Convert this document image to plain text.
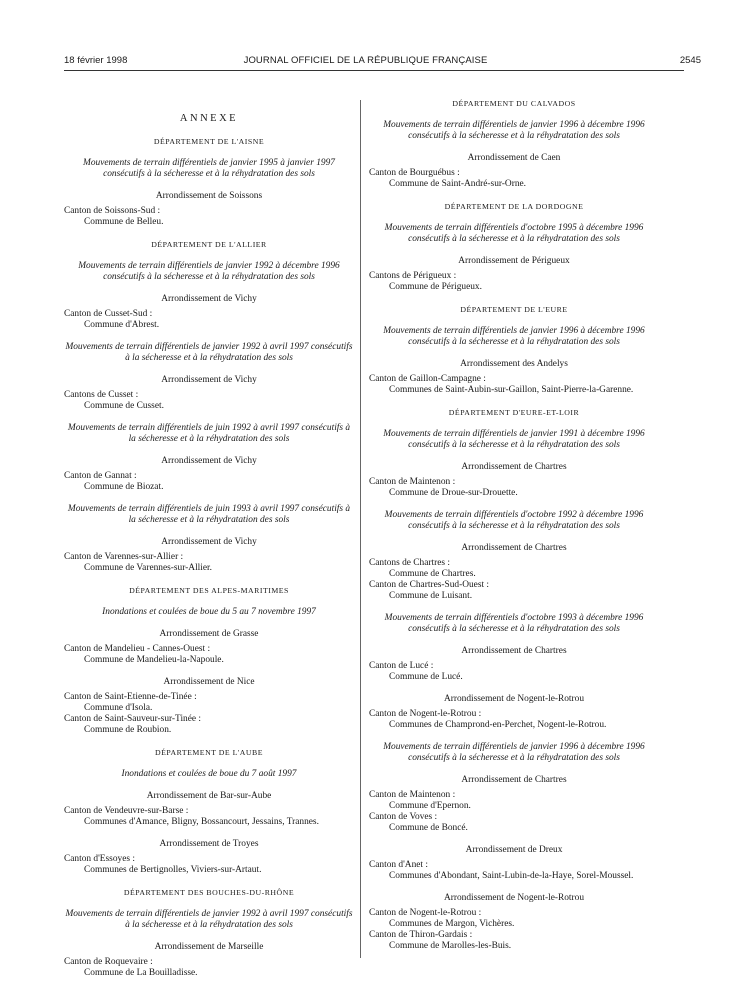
18 février 1998	JOURNAL OFFICIEL DE LA RÉPUBLIQUE FRANÇAISE	2545
ANNEXE
DÉPARTEMENT DE L'AISNE
Mouvements de terrain différentiels de janvier 1995 à janvier 1997 consécutifs à la sécheresse et à la réhydratation des sols
Arrondissement de Soissons
Canton de Soissons-Sud :
Commune de Belleu.
DÉPARTEMENT DE L'ALLIER
Mouvements de terrain différentiels de janvier 1992 à décembre 1996 consécutifs à la sécheresse et à la réhydratation des sols
Arrondissement de Vichy
Canton de Cusset-Sud :
Commune d'Abrest.
Mouvements de terrain différentiels de janvier 1992 à avril 1997 consécutifs à la sécheresse et à la réhydratation des sols
Arrondissement de Vichy
Cantons de Cusset :
Commune de Cusset.
Mouvements de terrain différentiels de juin 1992 à avril 1997 consécutifs à la sécheresse et à la réhydratation des sols
Arrondissement de Vichy
Canton de Gannat :
Commune de Biozat.
Mouvements de terrain différentiels de juin 1993 à avril 1997 consécutifs à la sécheresse et à la réhydratation des sols
Arrondissement de Vichy
Canton de Varennes-sur-Allier :
Commune de Varennes-sur-Allier.
DÉPARTEMENT DES ALPES-MARITIMES
Inondations et coulées de boue du 5 au 7 novembre 1997
Arrondissement de Grasse
Canton de Mandelieu - Cannes-Ouest :
Commune de Mandelieu-la-Napoule.
Arrondissement de Nice
Canton de Saint-Etienne-de-Tinée :
Commune d'Isola.
Canton de Saint-Sauveur-sur-Tinée :
Commune de Roubion.
DÉPARTEMENT DE L'AUBE
Inondations et coulées de boue du 7 août 1997
Arrondissement de Bar-sur-Aube
Canton de Vendeuvre-sur-Barse :
Communes d'Amance, Bligny, Bossancourt, Jessains, Trannes.
Arrondissement de Troyes
Canton d'Essoyes :
Communes de Bertignolles, Viviers-sur-Artaut.
DÉPARTEMENT DES BOUCHES-DU-RHÔNE
Mouvements de terrain différentiels de janvier 1992 à avril 1997 consécutifs à la sécheresse et à la réhydratation des sols
Arrondissement de Marseille
Canton de Roquevaire :
Commune de La Bouilladisse.
DÉPARTEMENT DU CALVADOS
Mouvements de terrain différentiels de janvier 1996 à décembre 1996 consécutifs à la sécheresse et à la réhydratation des sols
Arrondissement de Caen
Canton de Bourguébus :
Commune de Saint-André-sur-Orne.
DÉPARTEMENT DE LA DORDOGNE
Mouvements de terrain différentiels d'octobre 1995 à décembre 1996 consécutifs à la sécheresse et à la réhydratation des sols
Arrondissement de Périgueux
Cantons de Périgueux :
Commune de Périgueux.
DÉPARTEMENT DE L'EURE
Mouvements de terrain différentiels de janvier 1996 à décembre 1996 consécutifs à la sécheresse et à la réhydratation des sols
Arrondissement des Andelys
Canton de Gaillon-Campagne :
Communes de Saint-Aubin-sur-Gaillon, Saint-Pierre-la-Garenne.
DÉPARTEMENT D'EURE-ET-LOIR
Mouvements de terrain différentiels de janvier 1991 à décembre 1996 consécutifs à la sécheresse et à la réhydratation des sols
Arrondissement de Chartres
Canton de Maintenon :
Commune de Droue-sur-Drouette.
Mouvements de terrain différentiels d'octobre 1992 à décembre 1996 consécutifs à la sécheresse et à la réhydratation des sols
Arrondissement de Chartres
Cantons de Chartres :
Commune de Chartres.
Canton de Chartres-Sud-Ouest :
Commune de Luisant.
Mouvements de terrain différentiels d'octobre 1993 à décembre 1996 consécutifs à la sécheresse et à la réhydratation des sols
Arrondissement de Chartres
Canton de Lucé :
Commune de Lucé.
Arrondissement de Nogent-le-Rotrou
Canton de Nogent-le-Rotrou :
Communes de Champrond-en-Perchet, Nogent-le-Rotrou.
Mouvements de terrain différentiels de janvier 1996 à décembre 1996 consécutifs à la sécheresse et à la réhydratation des sols
Arrondissement de Chartres
Canton de Maintenon :
Commune d'Epernon.
Canton de Voves :
Commune de Boncé.
Arrondissement de Dreux
Canton d'Anet :
Communes d'Abondant, Saint-Lubin-de-la-Haye, Sorel-Moussel.
Arrondissement de Nogent-le-Rotrou
Canton de Nogent-le-Rotrou :
Communes de Margon, Vichères.
Canton de Thiron-Gardais :
Commune de Marolles-les-Buis.
